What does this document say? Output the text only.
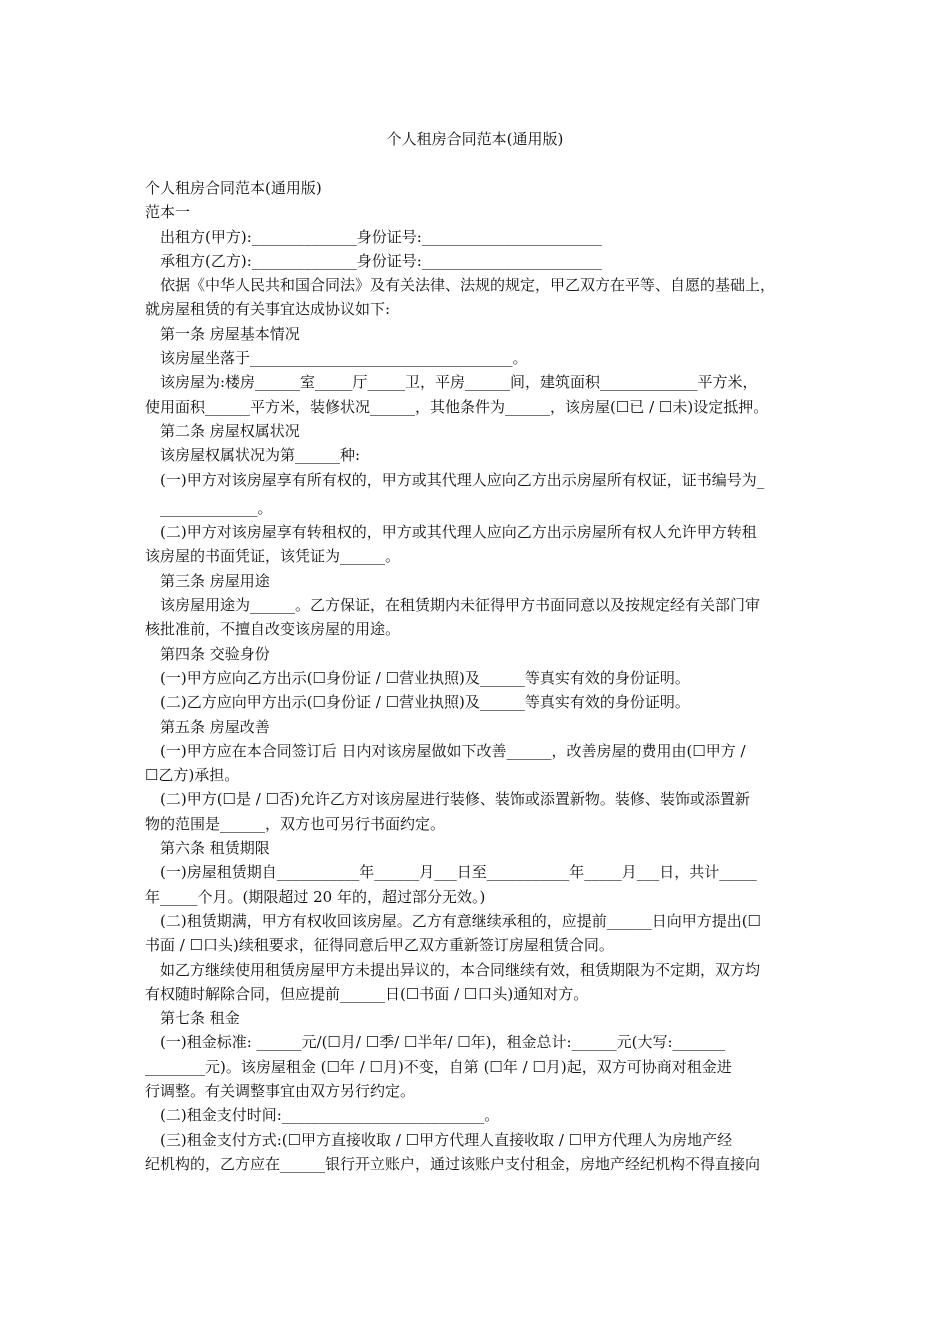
个人租房合同范本(通用版)
个人租房合同范本(通用版)
范本一
出租方(甲方):______________身份证号:________________________
承租方(乙方):______________身份证号:________________________
依据《中华人民共和国合同法》及有关法律、法规的规定，甲乙双方在平等、自愿的基础上，
就房屋租赁的有关事宜达成协议如下:
第一条 房屋基本情况
该房屋坐落于___________________________________。
该房屋为:楼房______室_____厅_____卫，平房______间，建筑面积_____________平方米，
使用面积______平方米，装修状况______，其他条件为______，该房屋(☐已 / ☐未)设定抵押。
第二条 房屋权属状况
该房屋权属状况为第______种:
(一)甲方对该房屋享有所有权的，甲方或其代理人应向乙方出示房屋所有权证，证书编号为_
_____________。
(二)甲方对该房屋享有转租权的，甲方或其代理人应向乙方出示房屋所有权人允许甲方转租
该房屋的书面凭证，该凭证为______。
第三条 房屋用途
该房屋用途为______。乙方保证，在租赁期内未征得甲方书面同意以及按规定经有关部门审
核批准前，不擅自改变该房屋的用途。
第四条 交验身份
(一)甲方应向乙方出示(☐身份证 / ☐营业执照)及______等真实有效的身份证明。
(二)乙方应向甲方出示(☐身份证 / ☐营业执照)及______等真实有效的身份证明。
第五条 房屋改善
(一)甲方应在本合同签订后 日内对该房屋做如下改善______，改善房屋的费用由(☐甲方 /
☐乙方)承担。
(二)甲方(☐是 / ☐否)允许乙方对该房屋进行装修、装饰或添置新物。装修、装饰或添置新
物的范围是______，双方也可另行书面约定。
第六条 租赁期限
(一)房屋租赁期自___________年______月___日至___________年_____月___日，共计_____
年_____个月。(期限超过 20 年的，超过部分无效。)
(二)租赁期满，甲方有权收回该房屋。乙方有意继续承租的，应提前______日向甲方提出(☐
书面 / ☐口头)续租要求，征得同意后甲乙双方重新签订房屋租赁合同。
如乙方继续使用租赁房屋甲方未提出异议的，本合同继续有效，租赁期限为不定期，双方均
有权随时解除合同，但应提前______日(☐书面 / ☐口头)通知对方。
第七条 租金
(一)租金标准: ______元/(☐月/ ☐季/ ☐半年/ ☐年)，租金总计:______元(大写:_______
________元)。该房屋租金 (☐年 / ☐月)不变，自第 (☐年 / ☐月)起，双方可协商对租金进
行调整。有关调整事宜由双方另行约定。
(二)租金支付时间:___________________________。
(三)租金支付方式:(☐甲方直接收取 / ☐甲方代理人直接收取 / ☐甲方代理人为房地产经
纪机构的，乙方应在______银行开立账户，通过该账户支付租金，房地产经纪机构不得直接向
